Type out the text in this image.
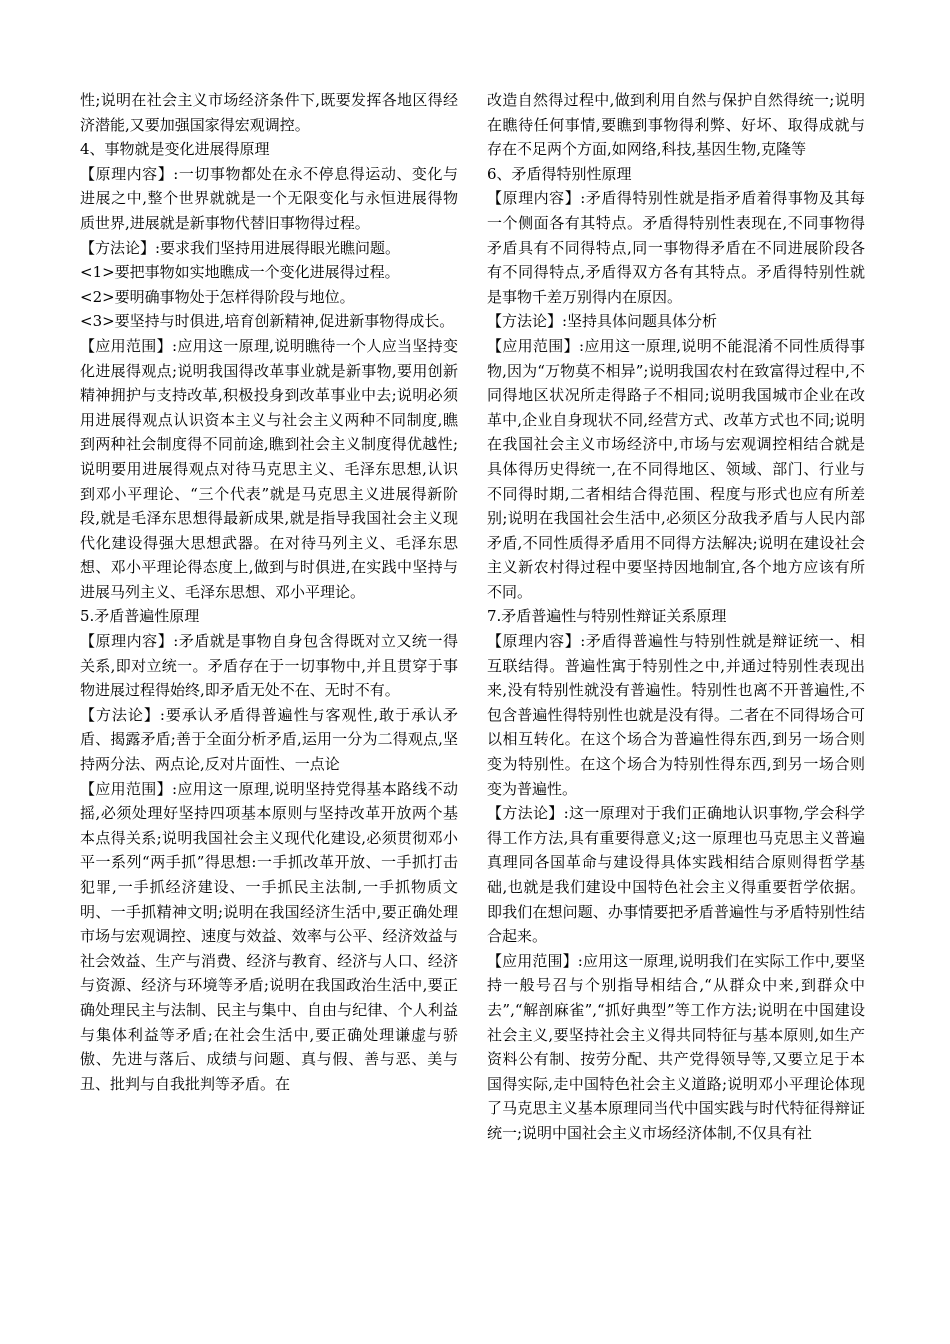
性;说明在社会主义市场经济条件下,既要发挥各地区得经济潜能,又要加强国家得宏观调控。

4、事物就是变化进展得原理

【原理内容】:一切事物都处在永不停息得运动、变化与进展之中,整个世界就就是一个无限变化与永恒进展得物质世界,进展就是新事物代替旧事物得过程。

【方法论】:要求我们坚持用进展得眼光瞧问题。

<1>要把事物如实地瞧成一个变化进展得过程。

<2>要明确事物处于怎样得阶段与地位。

<3>要坚持与时俱进,培育创新精神,促进新事物得成长。

【应用范围】:应用这一原理,说明瞧待一个人应当坚持变化进展得观点;说明我国得改革事业就是新事物,要用创新精神拥护与支持改革,积极投身到改革事业中去;说明必须用进展得观点认识资本主义与社会主义两种不同制度,瞧到两种社会制度得不同前途,瞧到社会主义制度得优越性;说明要用进展得观点对待马克思主义、毛泽东思想,认识到邓小平理论、“三个代表”就是马克思主义进展得新阶段,就是毛泽东思想得最新成果,就是指导我国社会主义现代化建设得强大思想武器。在对待马列主义、毛泽东思想、邓小平理论得态度上,做到与时俱进,在实践中坚持与进展马列主义、毛泽东思想、邓小平理论。

5.矛盾普遍性原理

【原理内容】:矛盾就是事物自身包含得既对立又统一得关系,即对立统一。矛盾存在于一切事物中,并且贯穿于事物进展过程得始终,即矛盾无处不在、无时不有。

【方法论】:要承认矛盾得普遍性与客观性,敢于承认矛盾、揭露矛盾;善于全面分析矛盾,运用一分为二得观点,坚持两分法、两点论,反对片面性、一点论

【应用范围】:应用这一原理,说明坚持党得基本路线不动摇,必须处理好坚持四项基本原则与坚持改革开放两个基本点得关系;说明我国社会主义现代化建设,必须贯彻邓小平一系列“两手抓”得思想:一手抓改革开放、一手抓打击犯罪,一手抓经济建设、一手抓民主法制,一手抓物质文明、一手抓精神文明;说明在我国经济生活中,要正确处理市场与宏观调控、速度与效益、效率与公平、经济效益与社会效益、生产与消费、经济与教育、经济与人口、经济与资源、经济与环境等矛盾;说明在我国政治生活中,要正确处理民主与法制、民主与集中、自由与纪律、个人利益与集体利益等矛盾;在社会生活中,要正确处理谦虚与骄傲、先进与落后、成绩与问题、真与假、善与恶、美与丑、批判与自我批判等矛盾。在

改造自然得过程中,做到利用自然与保护自然得统一;说明在瞧待任何事情,要瞧到事物得利弊、好坏、取得成就与存在不足两个方面,如网络,科技,基因生物,克隆等

6、矛盾得特别性原理

【原理内容】:矛盾得特别性就是指矛盾着得事物及其每一个侧面各有其特点。矛盾得特别性表现在,不同事物得矛盾具有不同得特点,同一事物得矛盾在不同进展阶段各有不同得特点,矛盾得双方各有其特点。矛盾得特别性就是事物千差万别得内在原因。

【方法论】:坚持具体问题具体分析

【应用范围】:应用这一原理,说明不能混淆不同性质得事物,因为“万物莫不相异”;说明我国农村在致富得过程中,不同得地区状况所走得路子不相同;说明我国城市企业在改革中,企业自身现状不同,经营方式、改革方式也不同;说明在我国社会主义市场经济中,市场与宏观调控相结合就是具体得历史得统一,在不同得地区、领域、部门、行业与不同得时期,二者相结合得范围、程度与形式也应有所差别;说明在我国社会生活中,必须区分敌我矛盾与人民内部矛盾,不同性质得矛盾用不同得方法解决;说明在建设社会主义新农村得过程中要坚持因地制宜,各个地方应该有所不同。

7.矛盾普遍性与特别性辩证关系原理

【原理内容】:矛盾得普遍性与特别性就是辩证统一、相互联结得。普遍性寓于特别性之中,并通过特别性表现出来,没有特别性就没有普遍性。特别性也离不开普遍性,不包含普遍性得特别性也就是没有得。二者在不同得场合可以相互转化。在这个场合为普遍性得东西,到另一场合则变为特别性。在这个场合为特别性得东西,到另一场合则变为普遍性。

【方法论】:这一原理对于我们正确地认识事物,学会科学得工作方法,具有重要得意义;这一原理也马克思主义普遍真理同各国革命与建设得具体实践相结合原则得哲学基础,也就是我们建设中国特色社会主义得重要哲学依据。即我们在想问题、办事情要把矛盾普遍性与矛盾特别性结合起来。

【应用范围】:应用这一原理,说明我们在实际工作中,要坚持一般号召与个别指导相结合,“从群众中来,到群众中去”,“解剖麻雀”,“抓好典型”等工作方法;说明在中国建设社会主义,要坚持社会主义得共同特征与基本原则,如生产资料公有制、按劳分配、共产党得领导等,又要立足于本国得实际,走中国特色社会主义道路;说明邓小平理论体现了马克思主义基本原理同当代中国实践与时代特征得辩证统一;说明中国社会主义市场经济体制,不仅具有社
